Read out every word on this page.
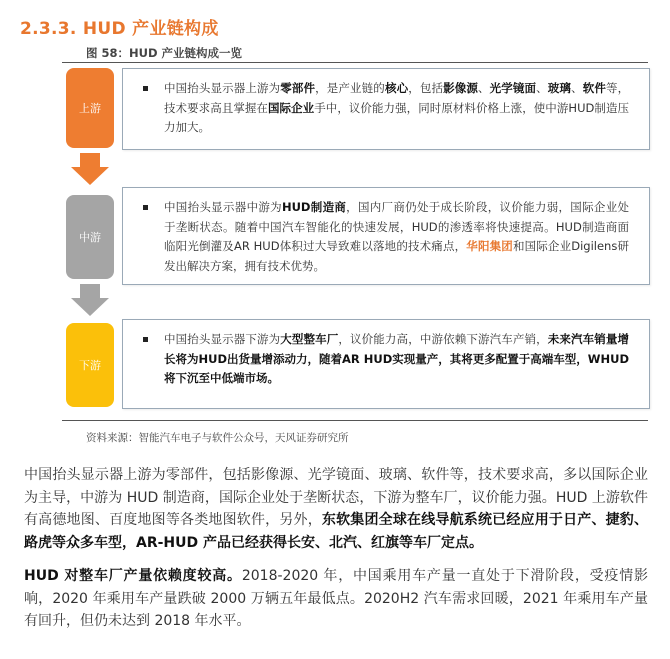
2.3.3. HUD 产业链构成
图 58：HUD 产业链构成一览
上游
中国抬头显示器上游为零部件，是产业链的核心，包括影像源、光学镜面、玻璃、软件等，技术要求高且掌握在国际企业手中，议价能力强，同时原材料价格上涨，使中游HUD制造压力加大。
中游
中国抬头显示器中游为HUD制造商，国内厂商仍处于成长阶段，议价能力弱，国际企业处于垄断状态。随着中国汽车智能化的快速发展，HUD的渗透率将快速提高。HUD制造商面临阳光倒灌及AR HUD体积过大导致难以落地的技术痛点，华阳集团和国际企业Digilens研发出解决方案，拥有技术优势。
下游
中国抬头显示器下游为大型整车厂，议价能力高，中游依赖下游汽车产销，未来汽车销量增长将为HUD出货量增添动力，随着AR HUD实现量产，其将更多配置于高端车型，WHUD将下沉至中低端市场。
资料来源：智能汽车电子与软件公众号，天风证券研究所
中国抬头显示器上游为零部件，包括影像源、光学镜面、玻璃、软件等，技术要求高，多以国际企业为主导，中游为 HUD 制造商，国际企业处于垄断状态，下游为整车厂，议价能力强。HUD 上游软件有高德地图、百度地图等各类地图软件，另外，东软集团全球在线导航系统已经应用于日产、捷豹、路虎等众多车型，AR-HUD 产品已经获得长安、北汽、红旗等车厂定点。
HUD 对整车厂产量依赖度较高。2018-2020 年，中国乘用车产量一直处于下滑阶段，受疫情影响，2020 年乘用车产量跌破 2000 万辆五年最低点。2020H2 汽车需求回暖，2021 年乘用车产量有回升，但仍未达到 2018 年水平。
